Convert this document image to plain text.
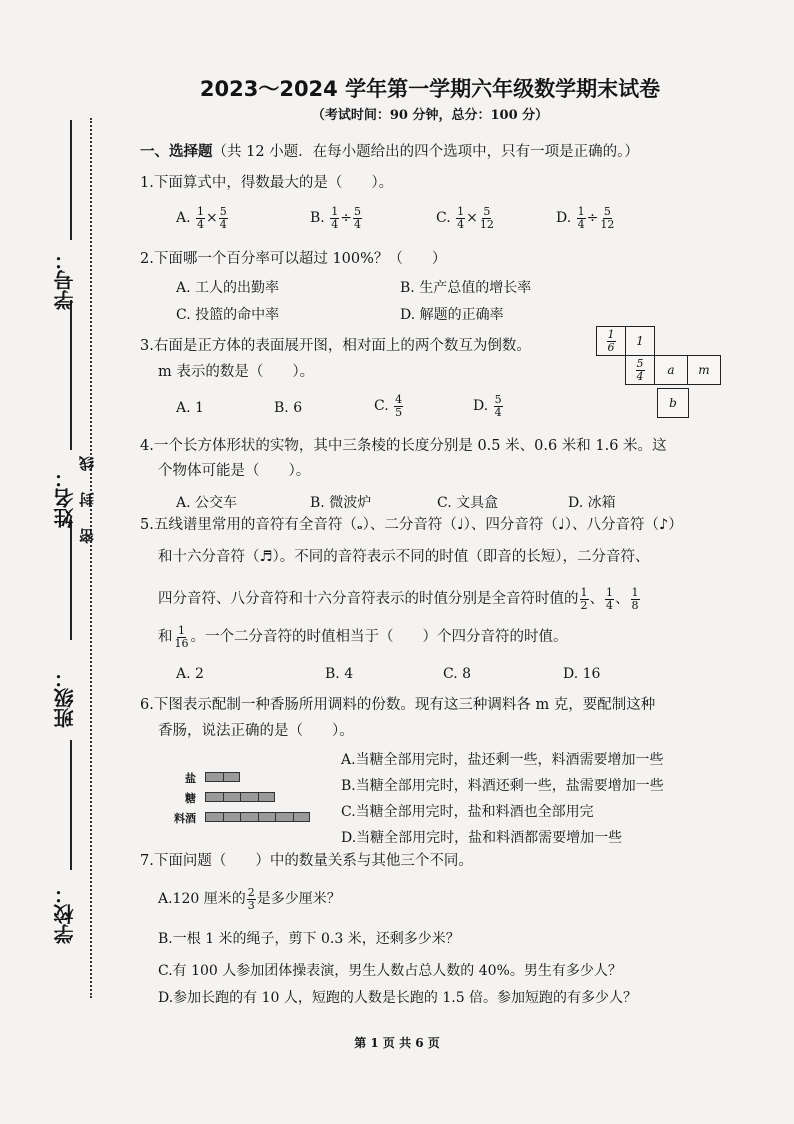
学号：
姓名： 密 封 线
班级：
学校：
2023～2024 学年第一学期六年级数学期末试卷
（考试时间：90 分钟，总分：100 分）
一、选择题（共 12 小题．在每小题给出的四个选项中，只有一项是正确的。）
1.下面算式中，得数最大的是（　　）。
A. $\frac{1}{4} \times \frac{5}{4}$	B. $\frac{1}{4} \div \frac{5}{4}$	C. $\frac{1}{4} \times \frac{5}{12}$	D. $\frac{1}{4} \div \frac{5}{12}$
2.下面哪一个百分率可以超过 100%？（　　）
A. 工人的出勤率	B. 生产总值的增长率
C. 投篮的命中率	D. 解题的正确率
3.右面是正方体的表面展开图，相对面上的两个数互为倒数。
m 表示的数是（　　）。
A. 1	B. 6	C. $\frac{4}{5}$	D. $\frac{5}{4}$
$\frac{1}{6}$	1
$\frac{5}{4}$	a	m
b
4.一个长方体形状的实物，其中三条棱的长度分别是 0.5 米、0.6 米和 1.6 米。这
个物体可能是（　　）。
A. 公交车	B. 微波炉	C. 文具盒	D. 冰箱
5.五线谱里常用的音符有全音符（𝅝）、二分音符（♩）、四分音符（♩）、八分音符（♪）
和十六分音符（♬）。不同的音符表示不同的时值（即音的长短），二分音符、
四分音符、八分音符和十六分音符表示的时值分别是全音符时值的 $\frac{1}{2}$ 、 $\frac{1}{4}$ 、 $\frac{1}{8}$
和 $\frac{1}{16}$ 。一个二分音符的时值相当于（　　）个四分音符的时值。
A. 2	B. 4	C. 8	D. 16
6.下图表示配制一种香肠所用调料的份数。现有这三种调料各 m 克，要配制这种
香肠，说法正确的是（　　）。
A.当糖全部用完时，盐还剩一些，料酒需要增加一些
B.当糖全部用完时，料酒还剩一些，盐需要增加一些
C.当糖全部用完时，盐和料酒也全部用完
D.当糖全部用完时，盐和料酒都需要增加一些
盐
糖
料酒
7.下面问题（　　）中的数量关系与其他三个不同。
A.120 厘米的 $\frac{2}{3}$ 是多少厘米？
B.一根 1 米的绳子，剪下 0.3 米，还剩多少米？
C.有 100 人参加团体操表演，男生人数占总人数的 40%。男生有多少人？
D.参加长跑的有 10 人，短跑的人数是长跑的 1.5 倍。参加短跑的有多少人？
第 1 页 共 6 页
